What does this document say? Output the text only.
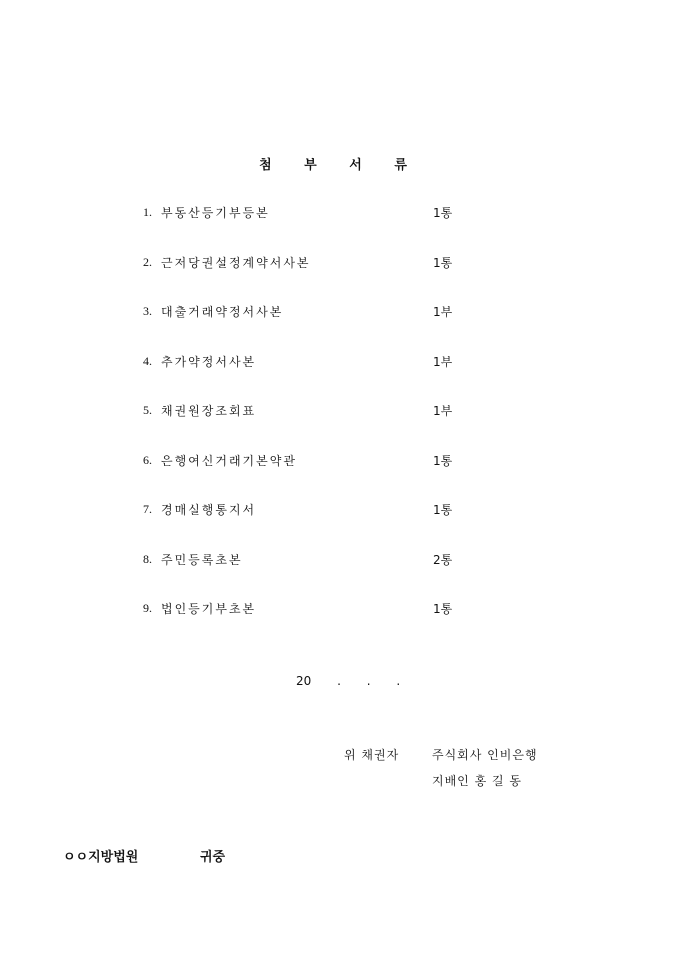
첨 부 서 류
1. 부동산등기부등본	1통
2. 근저당권설정계약서사본	1통
3. 대출거래약정서사본	1부
4. 추가약정서사본	1부
5. 채권원장조회표	1부
6. 은행여신거래기본약관	1통
7. 경매실행통지서	1통
8. 주민등록초본	2통
9. 법인등기부초본	1통
20 . . .
위 채권자	주식회사 인비은행
지배인 홍 길 동
ㅇㅇ지방법원	귀중
